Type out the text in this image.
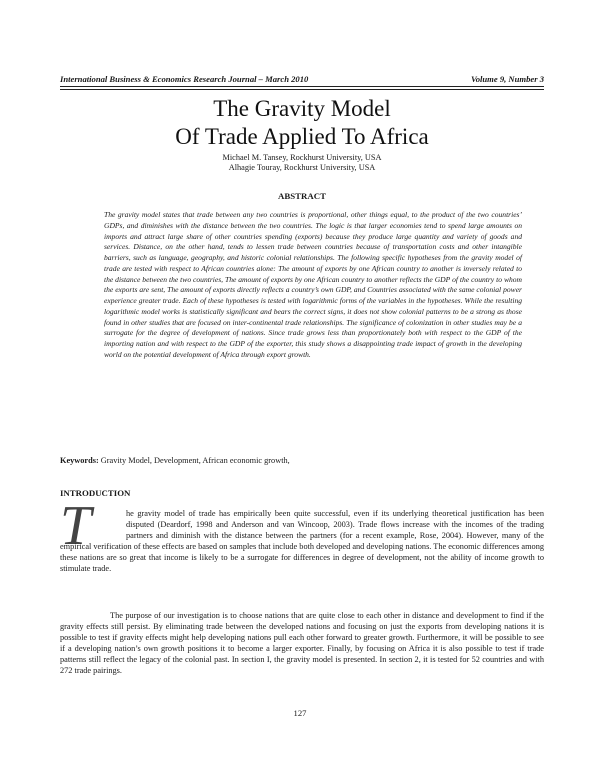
International Business & Economics Research Journal – March 2010	Volume 9, Number 3
The Gravity Model
Of Trade Applied To Africa
Michael M. Tansey, Rockhurst University, USA
Alhagie Touray, Rockhurst University, USA
ABSTRACT

The gravity model states that trade between any two countries is proportional, other things equal, to the product of the two countries’ GDPs, and diminishes with the distance between the two countries. The logic is that larger economies tend to spend large amounts on imports and attract large share of other countries spending (exports) because they produce large quantity and variety of goods and services. Distance, on the other hand, tends to lessen trade between countries because of transportation costs and other intangible barriers, such as language, geography, and historic colonial relationships. The following specific hypotheses from the gravity model of trade are tested with respect to African countries alone: The amount of exports by one African country to another is inversely related to the distance between the two countries, The amount of exports by one African country to another reflects the GDP of the country to whom the exports are sent, The amount of exports directly reflects a country’s own GDP, and Countries associated with the same colonial power experience greater trade. Each of these hypotheses is tested with logarithmic forms of the variables in the hypotheses. While the resulting logarithmic model works is statistically significant and bears the correct signs, it does not show colonial patterns to be a strong as those found in other studies that are focused on inter-continental trade relationships. The significance of colonization in other studies may be a surrogate for the degree of development of nations. Since trade grows less than proportionately both with respect to the GDP of the importing nation and with respect to the GDP of the exporter, this study shows a disappointing trade impact of growth in the developing world on the potential development of Africa through export growth.

Keywords: Gravity Model, Development, African economic growth,
INTRODUCTION
T	he gravity model of trade has empirically been quite successful, even if its underlying theoretical justification has been disputed (Deardorf, 1998 and Anderson and van Wincoop, 2003). Trade flows increase with the incomes of the trading partners and diminish with the distance between the partners (for a recent example, Rose, 2004). However, many of the empirical verification of these effects are based on samples that include both developed and developing nations. The economic differences among these nations are so great that income is likely to be a surrogate for differences in degree of development, not the ability of income growth to stimulate trade.

The purpose of our investigation is to choose nations that are quite close to each other in distance and development to find if the gravity effects still persist. By eliminating trade between the developed nations and focusing on just the exports from developing nations it is possible to test if gravity effects might help developing nations pull each other forward to greater growth. Furthermore, it will be possible to see if a developing nation’s own growth positions it to become a larger exporter. Finally, by focusing on Africa it is also possible to test if trade patterns still reflect the legacy of the colonial past. In section I, the gravity model is presented. In section 2, it is tested for 52 countries and with 272 trade pairings.

127
